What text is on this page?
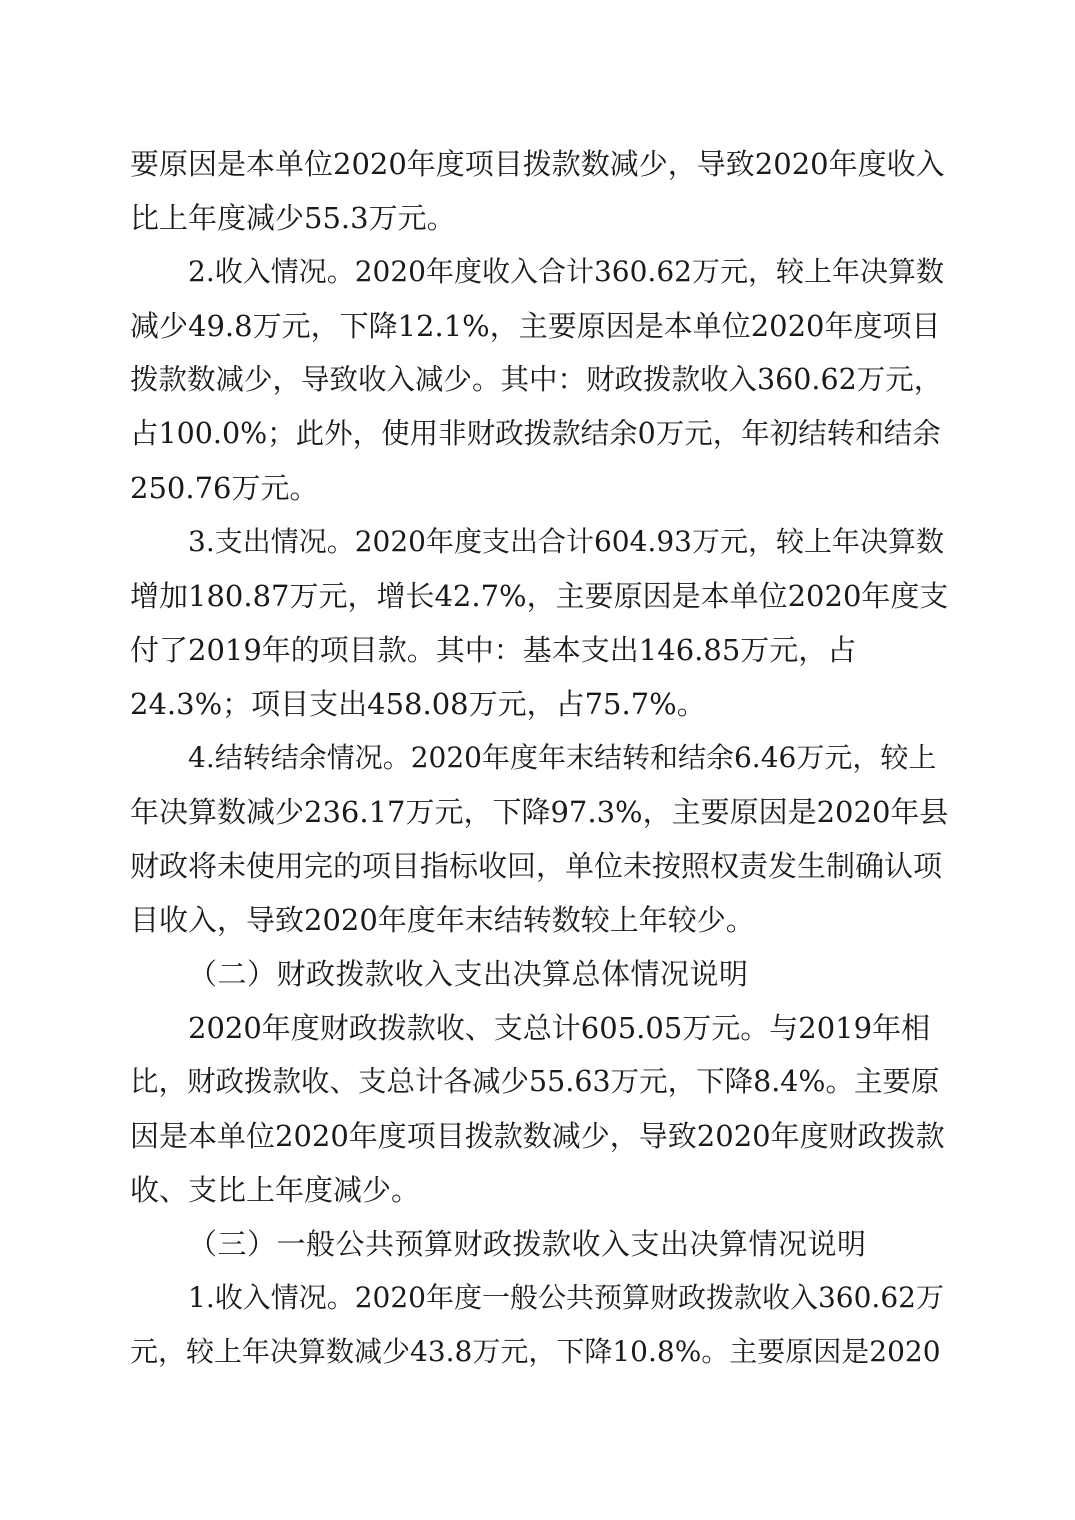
要原因是本单位2020年度项目拨款数减少，导致2020年度收入
比上年度减少55.3万元。
2.收入情况。2020年度收入合计360.62万元，较上年决算数
减少49.8万元，下降12.1%，主要原因是本单位2020年度项目
拨款数减少，导致收入减少。其中：财政拨款收入360.62万元，
占100.0%；此外，使用非财政拨款结余0万元，年初结转和结余
250.76万元。
3.支出情况。2020年度支出合计604.93万元，较上年决算数
增加180.87万元，增长42.7%，主要原因是本单位2020年度支
付了2019年的项目款。其中：基本支出146.85万元，占
24.3%；项目支出458.08万元，占75.7%。
4.结转结余情况。2020年度年末结转和结余6.46万元，较上
年决算数减少236.17万元，下降97.3%，主要原因是2020年县
财政将未使用完的项目指标收回，单位未按照权责发生制确认项
目收入，导致2020年度年末结转数较上年较少。
（二）财政拨款收入支出决算总体情况说明
2020年度财政拨款收、支总计605.05万元。与2019年相
比，财政拨款收、支总计各减少55.63万元，下降8.4%。主要原
因是本单位2020年度项目拨款数减少，导致2020年度财政拨款
收、支比上年度减少。
（三）一般公共预算财政拨款收入支出决算情况说明
1.收入情况。2020年度一般公共预算财政拨款收入360.62万
元，较上年决算数减少43.8万元，下降10.8%。主要原因是2020
